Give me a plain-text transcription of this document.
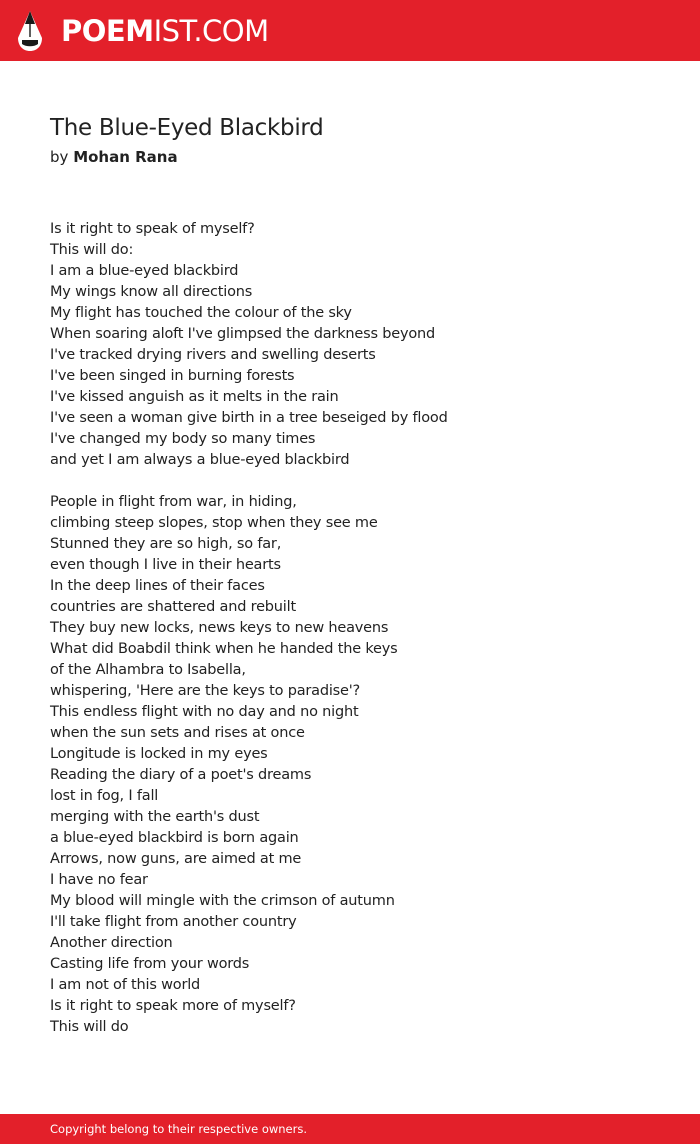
POEMIST.COM
The Blue-Eyed Blackbird
by Mohan Rana
Is it right to speak of myself?
This will do:
I am a blue-eyed blackbird
My wings know all directions
My flight has touched the colour of the sky
When soaring aloft I've glimpsed the darkness beyond
I've tracked drying rivers and swelling deserts
I've been singed in burning forests
I've kissed anguish as it melts in the rain
I've seen a woman give birth in a tree beseiged by flood
I've changed my body so many times
and yet I am always a blue-eyed blackbird
People in flight from war, in hiding,
climbing steep slopes, stop when they see me
Stunned they are so high, so far,
even though I live in their hearts
In the deep lines of their faces
countries are shattered and rebuilt
They buy new locks, news keys to new heavens
What did Boabdil think when he handed the keys
of the Alhambra to Isabella,
whispering, 'Here are the keys to paradise'?
This endless flight with no day and no night
when the sun sets and rises at once
Longitude is locked in my eyes
Reading the diary of a poet's dreams
lost in fog, I fall
merging with the earth's dust
a blue-eyed blackbird is born again
Arrows, now guns, are aimed at me
I have no fear
My blood will mingle with the crimson of autumn
I'll take flight from another country
Another direction
Casting life from your words
I am not of this world
Is it right to speak more of myself?
This will do
Copyright belong to their respective owners.
